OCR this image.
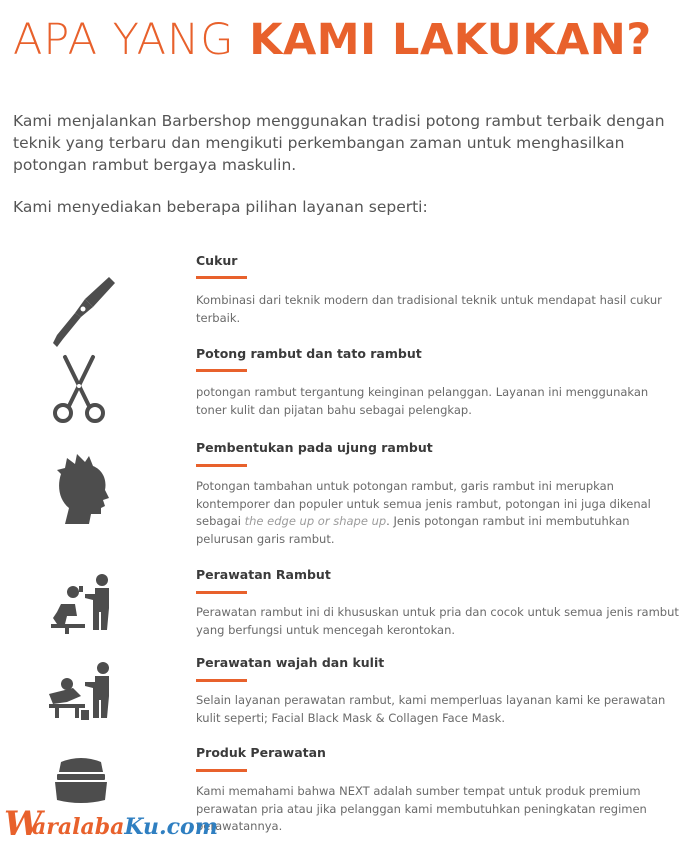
APA YANG KAMI LAKUKAN?

Kami menjalankan Barbershop menggunakan tradisi potong rambut terbaik dengan teknik yang terbaru dan mengikuti perkembangan zaman untuk menghasilkan potongan rambut bergaya maskulin.

Kami menyediakan beberapa pilihan layanan seperti:

Cukur
Kombinasi dari teknik modern dan tradisional teknik untuk mendapat hasil cukur terbaik.
Potong rambut dan tato rambut
potongan rambut tergantung keinginan pelanggan. Layanan ini menggunakan toner kulit dan pijatan bahu sebagai pelengkap.
Pembentukan pada ujung rambut
Potongan tambahan untuk potongan rambut, garis rambut ini merupkan kontemporer dan populer untuk semua jenis rambut, potongan ini juga dikenal sebagai the edge up or shape up. Jenis potongan rambut ini membutuhkan pelurusan garis rambut.
Perawatan Rambut
Perawatan rambut ini di khususkan untuk pria dan cocok untuk semua jenis rambut yang berfungsi untuk mencegah kerontokan.
Perawatan wajah dan kulit
Selain layanan perawatan rambut, kami memperluas layanan kami ke perawatan kulit seperti; Facial Black Mask & Collagen Face Mask.
Produk Perawatan
Kami memahami bahwa NEXT adalah sumber tempat untuk produk premium perawatan pria atau jika pelanggan kami membutuhkan peningkatan regimen perawatannya.
W
aralabaKu.com
